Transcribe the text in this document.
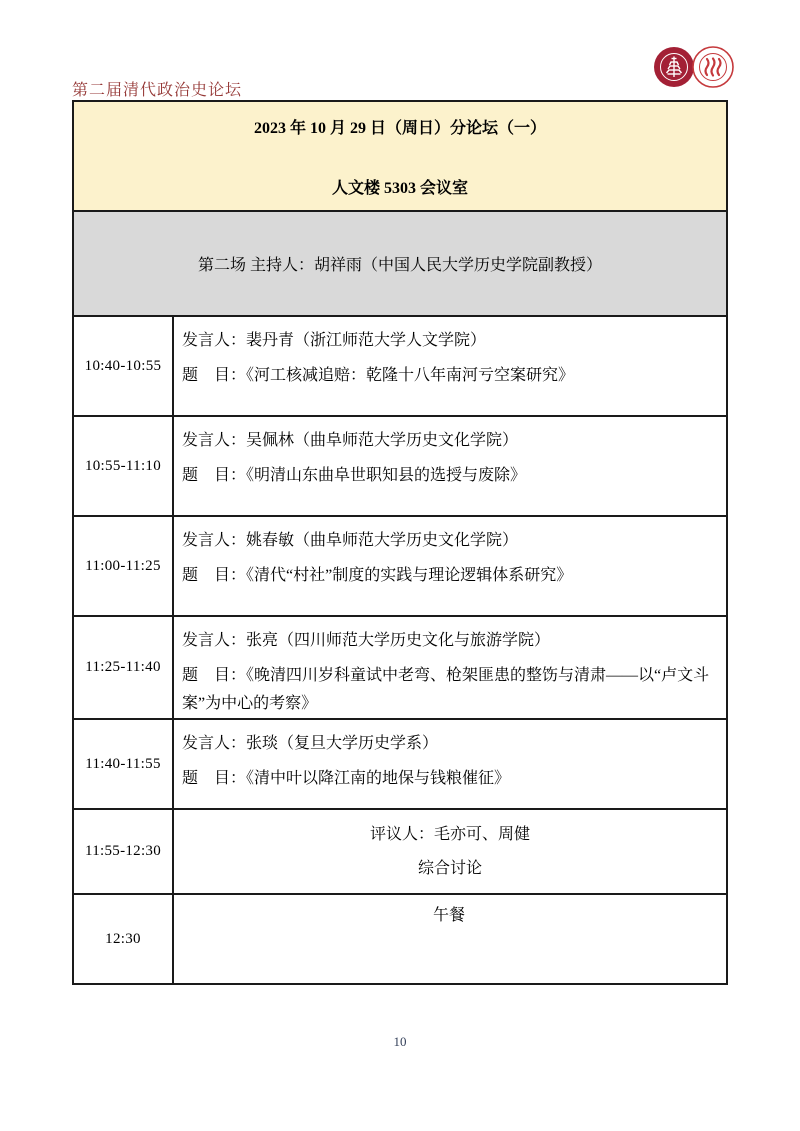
第二届清代政治史论坛
2023 年 10 月 29 日（周日）分论坛（一）
人文楼 5303 会议室
第二场 主持人：胡祥雨（中国人民大学历史学院副教授）
10:40-10:55

发言人：裴丹青（浙江师范大学人文学院）

题　目：《河工核减追赔：乾隆十八年南河亏空案研究》

10:55-11:10

发言人：吴佩林（曲阜师范大学历史文化学院）

题　目：《明清山东曲阜世职知县的选授与废除》

11:00-11:25

发言人：姚春敏（曲阜师范大学历史文化学院）

题　目：《清代“村社”制度的实践与理论逻辑体系研究》

11:25-11:40

发言人：张亮（四川师范大学历史文化与旅游学院）

题　目：《晚清四川岁科童试中老弯、枪架匪患的整饬与清肃——以“卢文斗案”为中心的考察》

11:40-11:55

发言人：张琰（复旦大学历史学系）

题　目：《清中叶以降江南的地保与钱粮催征》

11:55-12:30

评议人：毛亦可、周健

综合讨论

12:30

午餐

10
